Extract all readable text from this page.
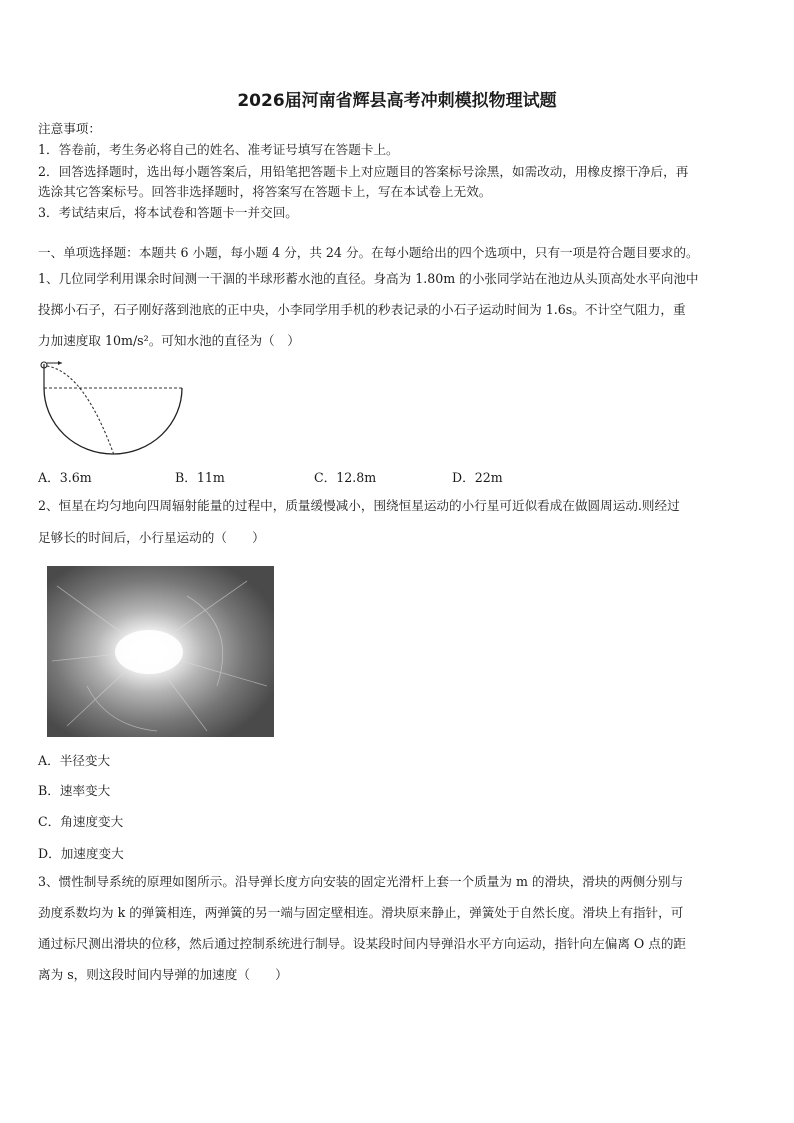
2026届河南省辉县高考冲刺模拟物理试题
注意事项：
1．答卷前，考生务必将自己的姓名、准考证号填写在答题卡上。
2．回答选择题时，选出每小题答案后，用铅笔把答题卡上对应题目的答案标号涂黑，如需改动，用橡皮擦干净后，再
选涂其它答案标号。回答非选择题时，将答案写在答题卡上，写在本试卷上无效。
3．考试结束后，将本试卷和答题卡一并交回。
一、单项选择题：本题共 6 小题，每小题 4 分，共 24 分。在每小题给出的四个选项中，只有一项是符合题目要求的。
1、几位同学利用课余时间测一干涸的半球形蓄水池的直径。身高为 1.80m 的小张同学站在池边从头顶高处水平向池中
投掷小石子，石子刚好落到池底的正中央，小李同学用手机的秒表记录的小石子运动时间为 1.6s。不计空气阻力，重
力加速度取 10m/s²。可知水池的直径为（　）
A．3.6m	B．11m	C．12.8m	D．22m
2、恒星在均匀地向四周辐射能量的过程中，质量缓慢减小，围绕恒星运动的小行星可近似看成在做圆周运动.则经过
足够长的时间后，小行星运动的（　　）
A．半径变大
B．速率变大
C．角速度变大
D．加速度变大
3、惯性制导系统的原理如图所示。沿导弹长度方向安装的固定光滑杆上套一个质量为 m 的滑块，滑块的两侧分别与
劲度系数均为 k 的弹簧相连，两弹簧的另一端与固定壁相连。滑块原来静止，弹簧处于自然长度。滑块上有指针，可
通过标尺测出滑块的位移，然后通过控制系统进行制导。设某段时间内导弹沿水平方向运动，指针向左偏离 O 点的距
离为 s，则这段时间内导弹的加速度（　　）
